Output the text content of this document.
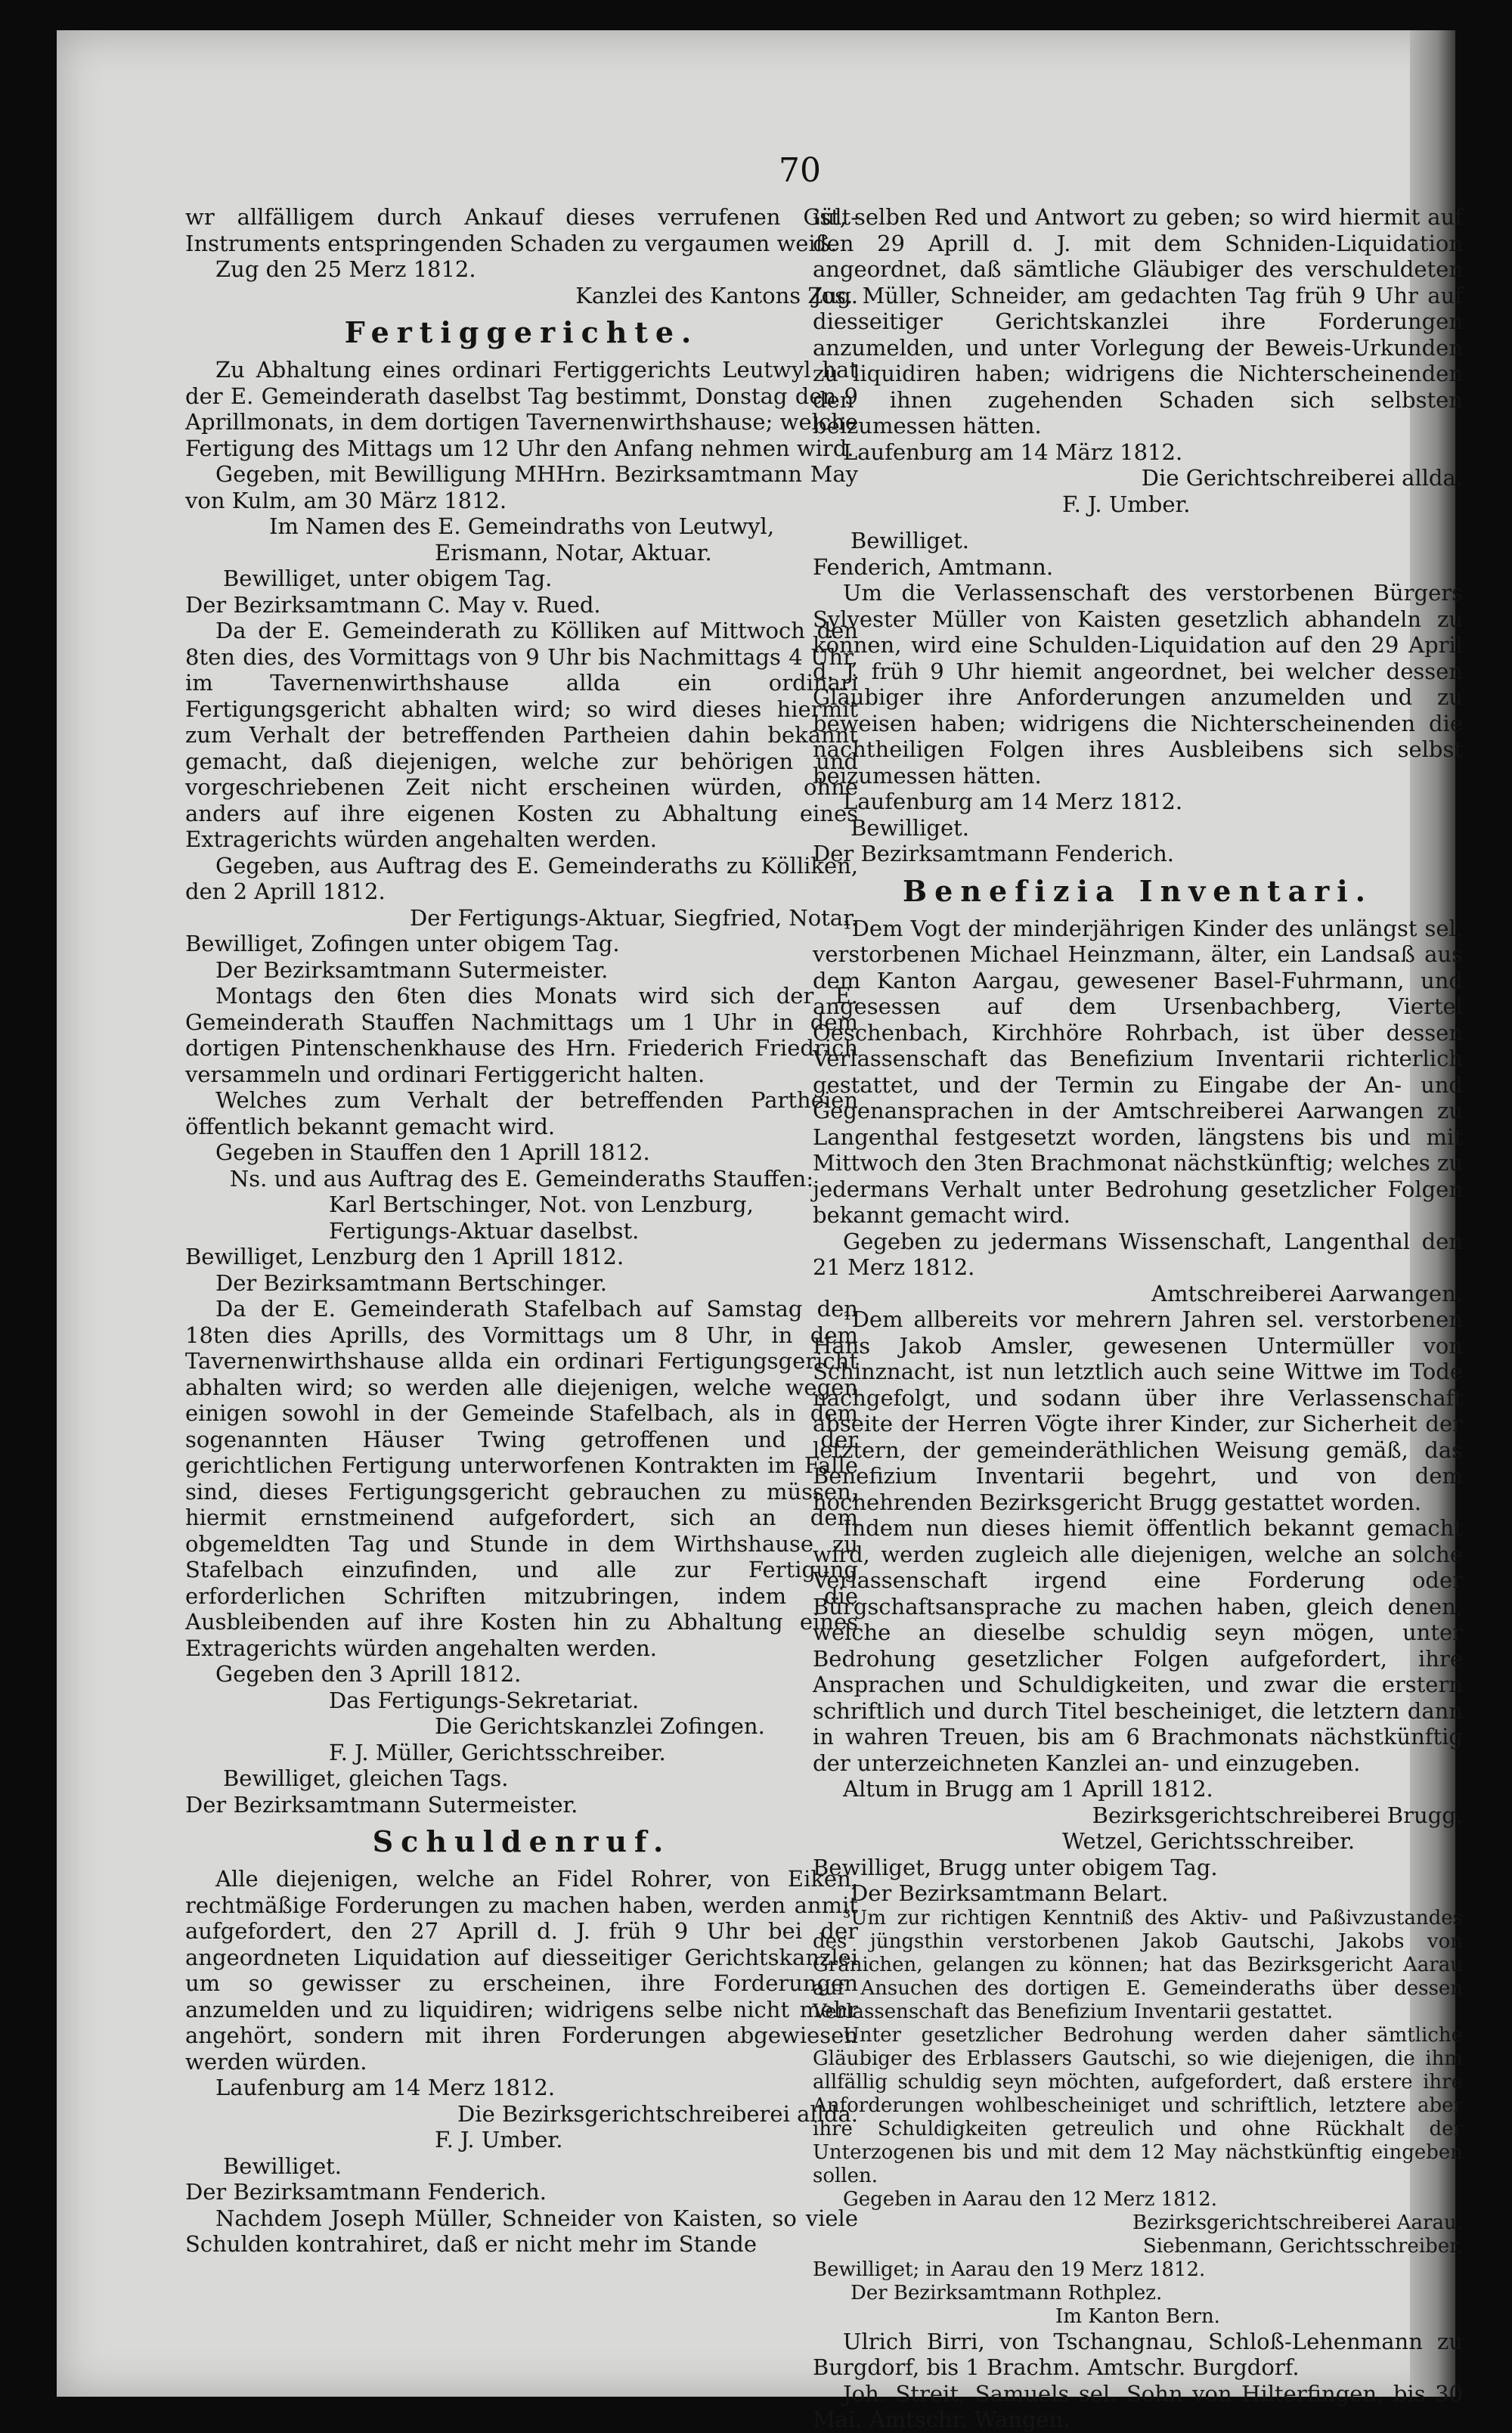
70

wr allfälligem durch Ankauf dieses verrufenen Gült-Instruments entspringenden Schaden zu vergaumen weiß.

Zug den 25 Merz 1812.

Kanzlei des Kantons Zug.

Fertiggerichte.

Zu Abhaltung eines ordinari Fertiggerichts Leutwyl hat der E. Gemeinderath daselbst Tag bestimmt, Donstag den 9 Aprillmonats, in dem dortigen Tavernenwirthshause; welche Fertigung des Mittags um 12 Uhr den Anfang nehmen wird.

Gegeben, mit Bewilligung MHHrn. Bezirksamtmann May von Kulm, am 30 März 1812.

Im Namen des E. Gemeindraths von Leutwyl,

Erismann, Notar, Aktuar.

Bewilliget, unter obigem Tag.

Der Bezirksamtmann C. May v. Rued.

Da der E. Gemeinderath zu Kölliken auf Mittwoch den 8ten dies, des Vormittags von 9 Uhr bis Nachmittags 4 Uhr, im Tavernenwirthshause allda ein ordinari Fertigungsgericht abhalten wird; so wird dieses hiermit zum Verhalt der betreffenden Partheien dahin bekannt gemacht, daß diejenigen, welche zur behörigen und vorgeschriebenen Zeit nicht erscheinen würden, ohne anders auf ihre eigenen Kosten zu Abhaltung eines Extragerichts würden angehalten werden.

Gegeben, aus Auftrag des E. Gemeinderaths zu Kölliken, den 2 Aprill 1812.

Der Fertigungs-Aktuar, Siegfried, Notar.

Bewilliget, Zofingen unter obigem Tag.

Der Bezirksamtmann Sutermeister.

Montags den 6ten dies Monats wird sich der E. Gemeinderath Stauffen Nachmittags um 1 Uhr in dem dortigen Pintenschenkhause des Hrn. Friederich Friedrich versammeln und ordinari Fertiggericht halten.

Welches zum Verhalt der betreffenden Partheien öffentlich bekannt gemacht wird.

Gegeben in Stauffen den 1 Aprill 1812.

Ns. und aus Auftrag des E. Gemeinderaths Stauffen:

Karl Bertschinger, Not. von Lenzburg,

Fertigungs-Aktuar daselbst.

Bewilliget, Lenzburg den 1 Aprill 1812.

Der Bezirksamtmann Bertschinger.

Da der E. Gemeinderath Stafelbach auf Samstag den 18ten dies Aprills, des Vormittags um 8 Uhr, in dem Tavernenwirthshause allda ein ordinari Fertigungsgericht abhalten wird; so werden alle diejenigen, welche wegen einigen sowohl in der Gemeinde Stafelbach, als in dem sogenannten Häuser Twing getroffenen und der gerichtlichen Fertigung unterworfenen Kontrakten im Falle sind, dieses Fertigungsgericht gebrauchen zu müssen, hiermit ernstmeinend aufgefordert, sich an dem obgemeldten Tag und Stunde in dem Wirthshause zu Stafelbach einzufinden, und alle zur Fertigung erforderlichen Schriften mitzubringen, indem die Ausbleibenden auf ihre Kosten hin zu Abhaltung eines Extragerichts würden angehalten werden.

Gegeben den 3 Aprill 1812.

Das Fertigungs-Sekretariat.

Die Gerichtskanzlei Zofingen.

F. J. Müller, Gerichtsschreiber.

Bewilliget, gleichen Tags.

Der Bezirksamtmann Sutermeister.

Schuldenruf.

Alle diejenigen, welche an Fidel Rohrer, von Eiken, rechtmäßige Forderungen zu machen haben, werden anmit aufgefordert, den 27 Aprill d. J. früh 9 Uhr bei der angeordneten Liquidation auf diesseitiger Gerichtskanzlei um so gewisser zu erscheinen, ihre Forderungen anzumelden und zu liquidiren; widrigens selbe nicht mehr angehört, sondern mit ihren Forderungen abgewiesen werden würden.

Laufenburg am 14 Merz 1812.

Die Bezirksgerichtschreiberei allda.

F. J. Umber.

Bewilliget.

Der Bezirksamtmann Fenderich.

Nachdem Joseph Müller, Schneider von Kaisten, so viele Schulden kontrahiret, daß er nicht mehr im Stande

ist, selben Red und Antwort zu geben; so wird hiermit auf den 29 Aprill d. J. mit dem Schniden-Liquidation angeordnet, daß sämtliche Gläubiger des verschuldeten Jos. Müller, Schneider, am gedachten Tag früh 9 Uhr auf diesseitiger Gerichtskanzlei ihre Forderungen anzumelden, und unter Vorlegung der Beweis-Urkunden zu liquidiren haben; widrigens die Nichterscheinenden den ihnen zugehenden Schaden sich selbsten beizumessen hätten.

Laufenburg am 14 März 1812.

Die Gerichtschreiberei allda.

F. J. Umber.

Bewilliget.

Fenderich, Amtmann.

Um die Verlassenschaft des verstorbenen Bürgers Sylvester Müller von Kaisten gesetzlich abhandeln zu können, wird eine Schulden-Liquidation auf den 29 April d. J. früh 9 Uhr hiemit angeordnet, bei welcher dessen Gläubiger ihre Anforderungen anzumelden und zu beweisen haben; widrigens die Nichterscheinenden die nachtheiligen Folgen ihres Ausbleibens sich selbst beizumessen hätten.

Laufenburg am 14 Merz 1812.

Bewilliget.

Der Bezirksamtmann Fenderich.

Benefizia Inventari.

¹Dem Vogt der minderjährigen Kinder des unlängst sel. verstorbenen Michael Heinzmann, älter, ein Landsaß aus dem Kanton Aargau, gewesener Basel-Fuhrmann, und angesessen auf dem Ursenbachberg, Viertel Oeschenbach, Kirchhöre Rohrbach, ist über dessen Verlassenschaft das Benefizium Inventarii richterlich gestattet, und der Termin zu Eingabe der An- und Gegenansprachen in der Amtschreiberei Aarwangen zu Langenthal festgesetzt worden, längstens bis und mit Mittwoch den 3ten Brachmonat nächstkünftig; welches zu jedermans Verhalt unter Bedrohung gesetzlicher Folgen bekannt gemacht wird.

Gegeben zu jedermans Wissenschaft, Langenthal den 21 Merz 1812.

Amtschreiberei Aarwangen.

¹Dem allbereits vor mehrern Jahren sel. verstorbenen Hans Jakob Amsler, gewesenen Untermüller von Schinznacht, ist nun letztlich auch seine Wittwe im Tode nachgefolgt, und sodann über ihre Verlassenschaft abseite der Herren Vögte ihrer Kinder, zur Sicherheit der letztern, der gemeinderäthlichen Weisung gemäß, das Benefizium Inventarii begehrt, und von dem hochehrenden Bezirksgericht Brugg gestattet worden.

Indem nun dieses hiemit öffentlich bekannt gemacht wird, werden zugleich alle diejenigen, welche an solche Verlassenschaft irgend eine Forderung oder Bürgschaftsansprache zu machen haben, gleich denen, welche an dieselbe schuldig seyn mögen, unter Bedrohung gesetzlicher Folgen aufgefordert, ihre Ansprachen und Schuldigkeiten, und zwar die erstern schriftlich und durch Titel bescheiniget, die letztern dann in wahren Treuen, bis am 6 Brachmonats nächstkünftig der unterzeichneten Kanzlei an- und einzugeben.

Altum in Brugg am 1 Aprill 1812.

Bezirksgerichtschreiberei Brugg.

Wetzel, Gerichtsschreiber.

Bewilliget, Brugg unter obigem Tag.

Der Bezirksamtmann Belart.

³Um zur richtigen Kenntniß des Aktiv- und Paßivzustandes des jüngsthin verstorbenen Jakob Gautschi, Jakobs von Gränichen, gelangen zu können; hat das Bezirksgericht Aarau auf Ansuchen des dortigen E. Gemeinderaths über dessen Verlassenschaft das Benefizium Inventarii gestattet.

Unter gesetzlicher Bedrohung werden daher sämtliche Gläubiger des Erblassers Gautschi, so wie diejenigen, die ihm allfällig schuldig seyn möchten, aufgefordert, daß erstere ihre Anforderungen wohlbescheiniget und schriftlich, letztere aber ihre Schuldigkeiten getreulich und ohne Rückhalt der Unterzogenen bis und mit dem 12 May nächstkünftig eingeben sollen.

Gegeben in Aarau den 12 Merz 1812.

Bezirksgerichtschreiberei Aarau.

Siebenmann, Gerichtsschreiber.

Bewilliget; in Aarau den 19 Merz 1812.

Der Bezirksamtmann Rothplez.

Im Kanton Bern.

Ulrich Birri, von Tschangnau, Schloß-Lehenmann zu Burgdorf, bis 1 Brachm. Amtschr. Burgdorf.

Joh. Streit, Samuels sel. Sohn von Hilterfingen, bis 30 Mai. Amtschr. Wangen.
